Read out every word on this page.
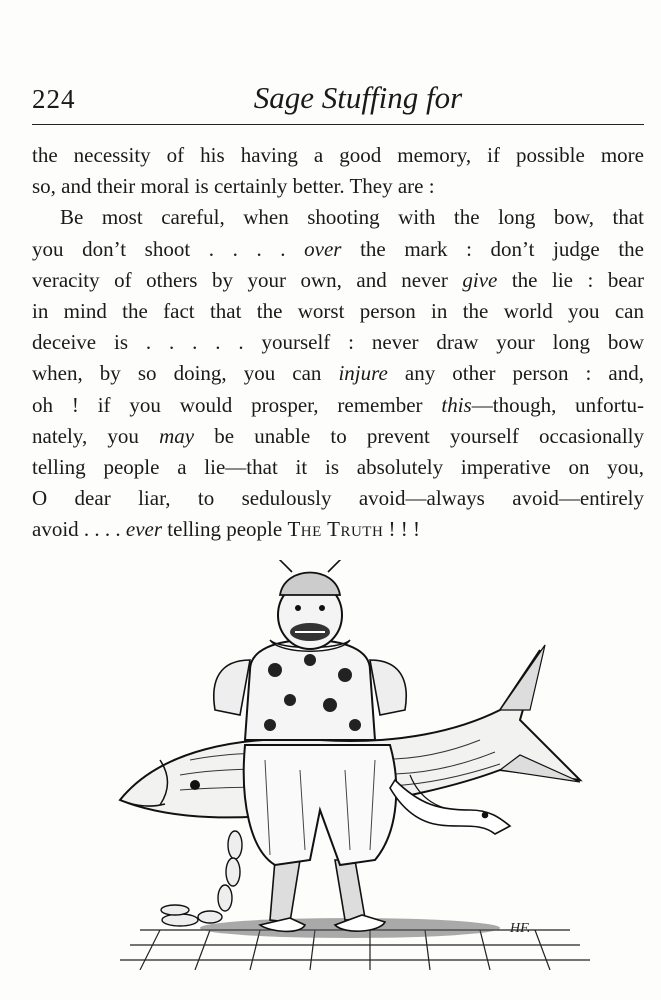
224	Sage Stuffing for
the necessity of his having a good memory, if possible more
so, and their moral is certainly better. They are :
Be most careful, when shooting with the long bow, that
you don’t shoot . . . . over the mark : don’t judge the
veracity of others by your own, and never give the lie : bear
in mind the fact that the worst person in the world you can
deceive is . . . . . yourself : never draw your long bow
when, by so doing, you can injure any other person : and,
oh ! if you would prosper, remember this—though, unfortu-
nately, you may be unable to prevent yourself occasionally
telling people a lie—that it is absolutely imperative on you,
O dear liar, to sedulously avoid—always avoid—entirely
avoid . . . . ever telling people The Truth ! ! !
HF.
